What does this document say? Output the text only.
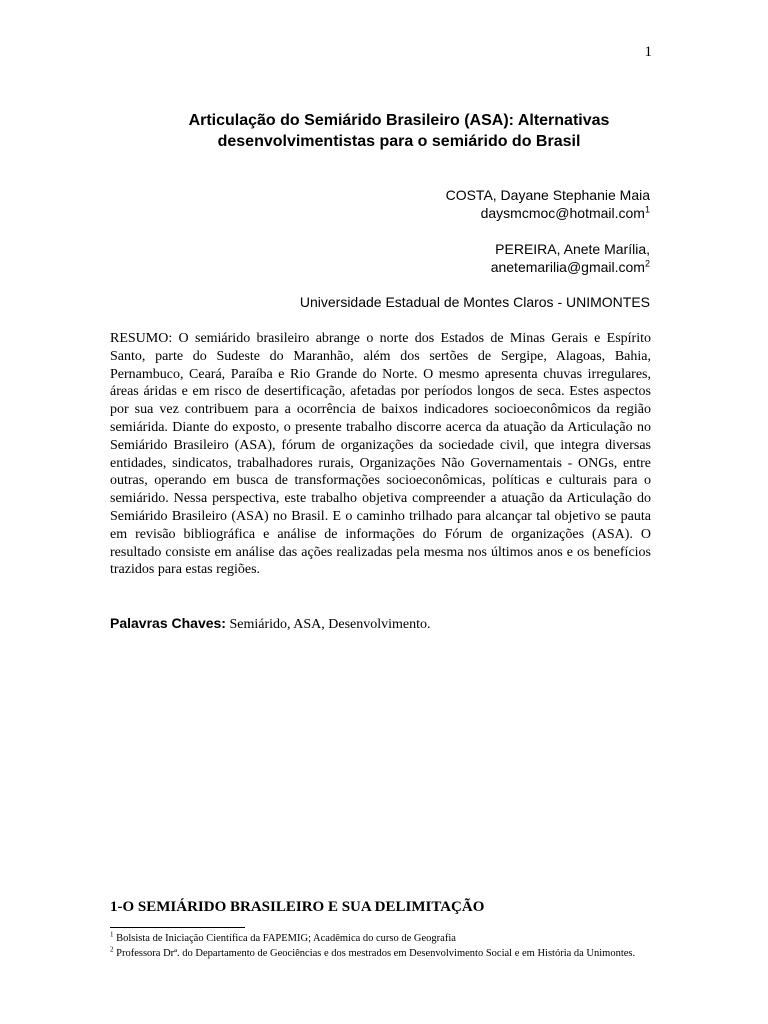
1
Articulação do Semiárido Brasileiro (ASA): Alternativas
desenvolvimentistas para o semiárido do Brasil
COSTA, Dayane Stephanie Maia
daysmcmoc@hotmail.com$^1$
PEREIRA, Anete Marília,
anetemarilia@gmail.com$^2$
Universidade Estadual de Montes Claros - UNIMONTES

RESUMO: O semiárido brasileiro abrange o norte dos Estados de Minas Gerais e Espírito Santo, parte do Sudeste do Maranhão, além dos sertões de Sergipe, Alagoas, Bahia, Pernambuco, Ceará, Paraíba e Rio Grande do Norte. O mesmo apresenta chuvas irregulares, áreas áridas e em risco de desertificação, afetadas por períodos longos de seca. Estes aspectos por sua vez contribuem para a ocorrência de baixos indicadores socioeconômicos da região semiárida. Diante do exposto, o presente trabalho discorre acerca da atuação da Articulação no Semiárido Brasileiro (ASA), fórum de organizações da sociedade civil, que integra diversas entidades, sindicatos, trabalhadores rurais, Organizações Não Governamentais - ONGs, entre outras, operando em busca de transformações socioeconômicas, políticas e culturais para o semiárido. Nessa perspectiva, este trabalho objetiva compreender a atuação da Articulação do Semiárido Brasileiro (ASA) no Brasil. E o caminho trilhado para alcançar tal objetivo se pauta em revisão bibliográfica e análise de informações do Fórum de organizações (ASA). O resultado consiste em análise das ações realizadas pela mesma nos últimos anos e os benefícios trazidos para estas regiões.

Palavras Chaves: Semiárido, ASA, Desenvolvimento.

1-O SEMIÁRIDO BRASILEIRO E SUA DELIMITAÇÃO

$^1$ Bolsista de Iniciação Científica da FAPEMIG; Acadêmica do curso de Geografia

$^2$ Professora Drª. do Departamento de Geociências e dos mestrados em Desenvolvimento Social e em História da Unimontes.
